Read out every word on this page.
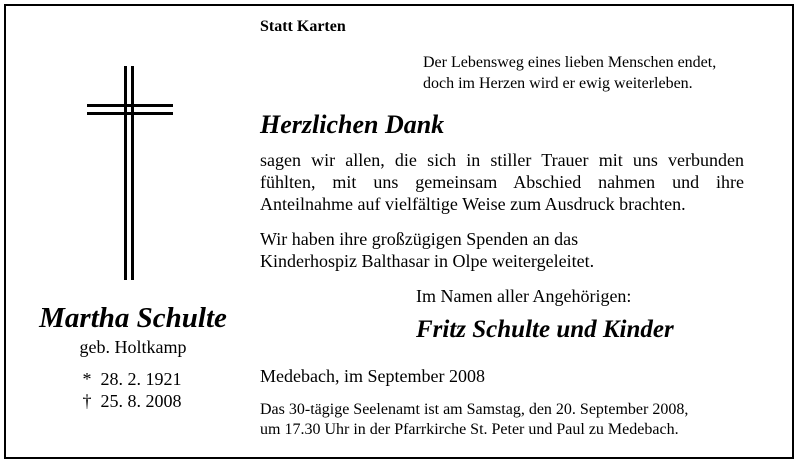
Martha Schulte
geb. Holtkamp
* 28. 2. 1921
† 25. 8. 2008
Statt Karten
Der Lebensweg eines lieben Menschen endet,
doch im Herzen wird er ewig weiterleben.
Herzlichen Dank
sagen wir allen, die sich in stiller Trauer mit uns verbunden
fühlten, mit uns gemeinsam Abschied nahmen und ihre
Anteilnahme auf vielfältige Weise zum Ausdruck brachten.
Wir haben ihre großzügigen Spenden an das
Kinderhospiz Balthasar in Olpe weitergeleitet.
Im Namen aller Angehörigen:
Fritz Schulte und Kinder
Medebach, im September 2008
Das 30-tägige Seelenamt ist am Samstag, den 20. September 2008,
um 17.30 Uhr in der Pfarrkirche St. Peter und Paul zu Medebach.
